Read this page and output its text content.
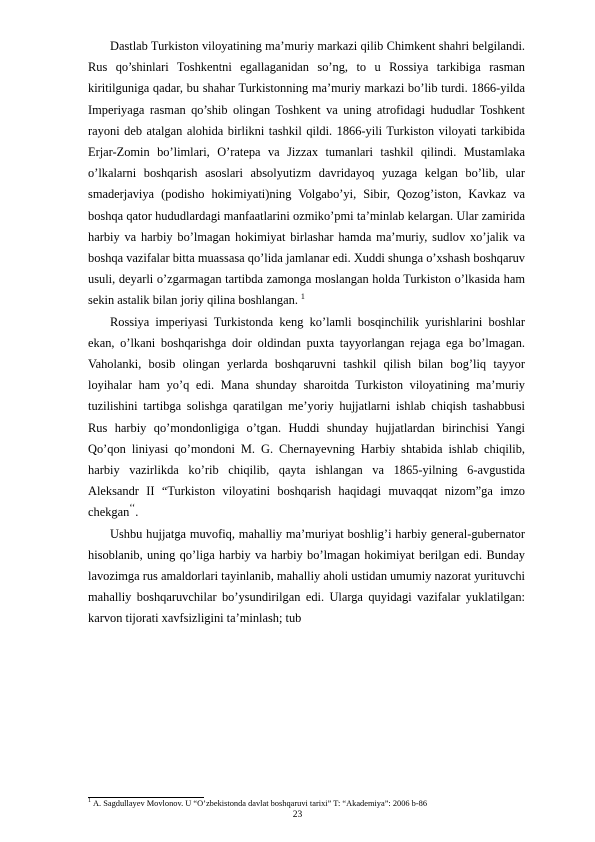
Dastlab Turkiston viloyatining ma’muriy markazi qilib Chimkent shahri belgilandi. Rus qo’shinlari Toshkentni egallaganidan so’ng, to u Rossiya tarkibiga rasman kiritilguniga qadar, bu shahar Turkistonning ma’muriy markazi bo’lib turdi. 1866-yilda Imperiyaga rasman qo’shib olingan Toshkent va uning atrofidagi hududlar Toshkent rayoni deb atalgan alohida birlikni tashkil qildi. 1866-yili Turkiston viloyati tarkibida Erjar-Zomin bo’limlari, O’ratepa va Jizzax tumanlari tashkil qilindi. Mustamlaka o’lkalarni boshqarish asoslari absolyutizm davridayoq yuzaga kelgan bo’lib, ular smaderjaviya (podisho hokimiyati)ning Volgabo’yi, Sibir, Qozog’iston, Kavkaz va boshqa qator hududlardagi manfaatlarini ozmiko’pmi ta’minlab kelargan. Ular zamirida harbiy va harbiy bo’lmagan hokimiyat birlashar hamda ma’muriy, sudlov xo’jalik va boshqa vazifalar bitta muassasa qo’lida jamlanar edi. Xuddi shunga o’xshash boshqaruv usuli, deyarli o’zgarmagan tartibda zamonga moslangan holda Turkiston o’lkasida ham sekin astalik bilan joriy qilina boshlangan. $^1$

Rossiya imperiyasi Turkistonda keng ko’lamli bosqinchilik yurishlarini boshlar ekan, o’lkani boshqarishga doir oldindan puxta tayyorlangan rejaga ega bo’lmagan. Vaholanki, bosib olingan yerlarda boshqaruvni tashkil qilish bilan bog’liq tayyor loyihalar ham yo’q edi. Mana shunday sharoitda Turkiston viloyatining ma’muriy tuzilishini tartibga solishga qaratilgan me’yoriy hujjatlarni ishlab chiqish tashabbusi Rus harbiy qo’mondonligiga o’tgan. Huddi shunday hujjatlardan birinchisi Yangi Qo’qon liniyasi qo’mondoni M. G. Chernayevning Harbiy shtabida ishlab chiqilib, harbiy vazirlikda ko’rib chiqilib, qayta ishlangan va 1865-yilning 6-avgustida Aleksandr II “Turkiston viloyatini boshqarish haqidagi muvaqqat nizom”ga imzo chekgan‘‘.

Ushbu hujjatga muvofiq, mahalliy ma’muriyat boshlig’i harbiy general-gubernator hisoblanib, uning qo’liga harbiy va harbiy bo’lmagan hokimiyat berilgan edi. Bunday lavozimga rus amaldorlari tayinlanib, mahalliy aholi ustidan umumiy nazorat yurituvchi mahalliy boshqaruvchilar bo’ysundirilgan edi. Ularga quyidagi vazifalar yuklatilgan: karvon tijorati xavfsizligini ta’minlash; tub

$^1$ A. Sagdullayev Movlonov. U “O’zbekistonda davlat boshqaruvi tarixi” T: “Akademiya”: 2006 b-86
23
